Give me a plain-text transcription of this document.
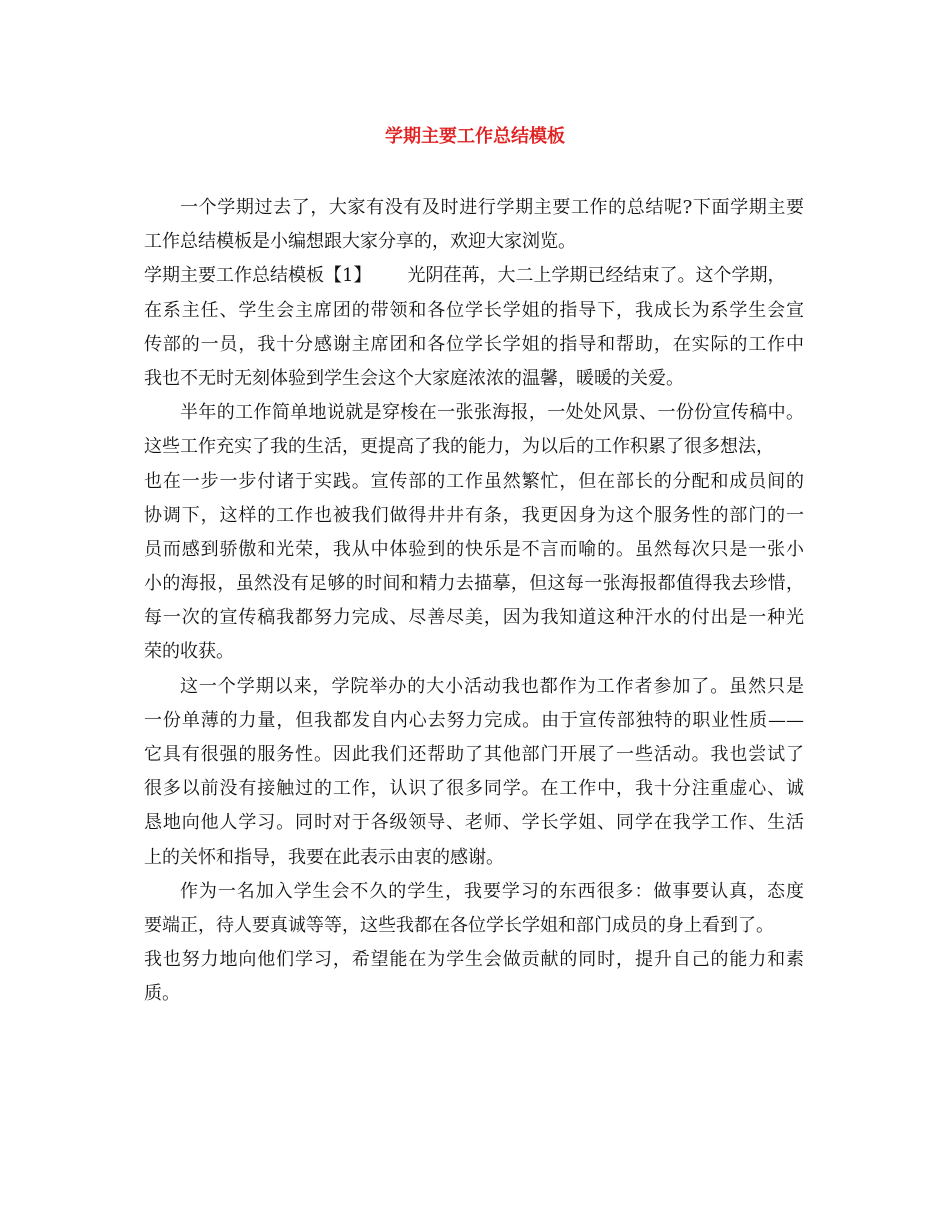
学期主要工作总结模板
一个学期过去了，大家有没有及时进行学期主要工作的总结呢?下面学期主要
工作总结模板是小编想跟大家分享的，欢迎大家浏览。
学期主要工作总结模板【1】 光阴荏苒，大二上学期已经结束了。这个学期，
在系主任、学生会主席团的带领和各位学长学姐的指导下，我成长为系学生会宣
传部的一员，我十分感谢主席团和各位学长学姐的指导和帮助，在实际的工作中
我也不无时无刻体验到学生会这个大家庭浓浓的温馨，暖暖的关爱。
半年的工作简单地说就是穿梭在一张张海报，一处处风景、一份份宣传稿中。
这些工作充实了我的生活，更提高了我的能力，为以后的工作积累了很多想法，
也在一步一步付诸于实践。宣传部的工作虽然繁忙，但在部长的分配和成员间的
协调下，这样的工作也被我们做得井井有条，我更因身为这个服务性的部门的一
员而感到骄傲和光荣，我从中体验到的快乐是不言而喻的。虽然每次只是一张小
小的海报，虽然没有足够的时间和精力去描摹，但这每一张海报都值得我去珍惜，
每一次的宣传稿我都努力完成、尽善尽美，因为我知道这种汗水的付出是一种光
荣的收获。
这一个学期以来，学院举办的大小活动我也都作为工作者参加了。虽然只是
一份单薄的力量，但我都发自内心去努力完成。由于宣传部独特的职业性质——
它具有很强的服务性。因此我们还帮助了其他部门开展了一些活动。我也尝试了
很多以前没有接触过的工作，认识了很多同学。在工作中，我十分注重虚心、诚
恳地向他人学习。同时对于各级领导、老师、学长学姐、同学在我学工作、生活
上的关怀和指导，我要在此表示由衷的感谢。
作为一名加入学生会不久的学生，我要学习的东西很多：做事要认真，态度
要端正，待人要真诚等等，这些我都在各位学长学姐和部门成员的身上看到了。
我也努力地向他们学习，希望能在为学生会做贡献的同时，提升自己的能力和素
质。
